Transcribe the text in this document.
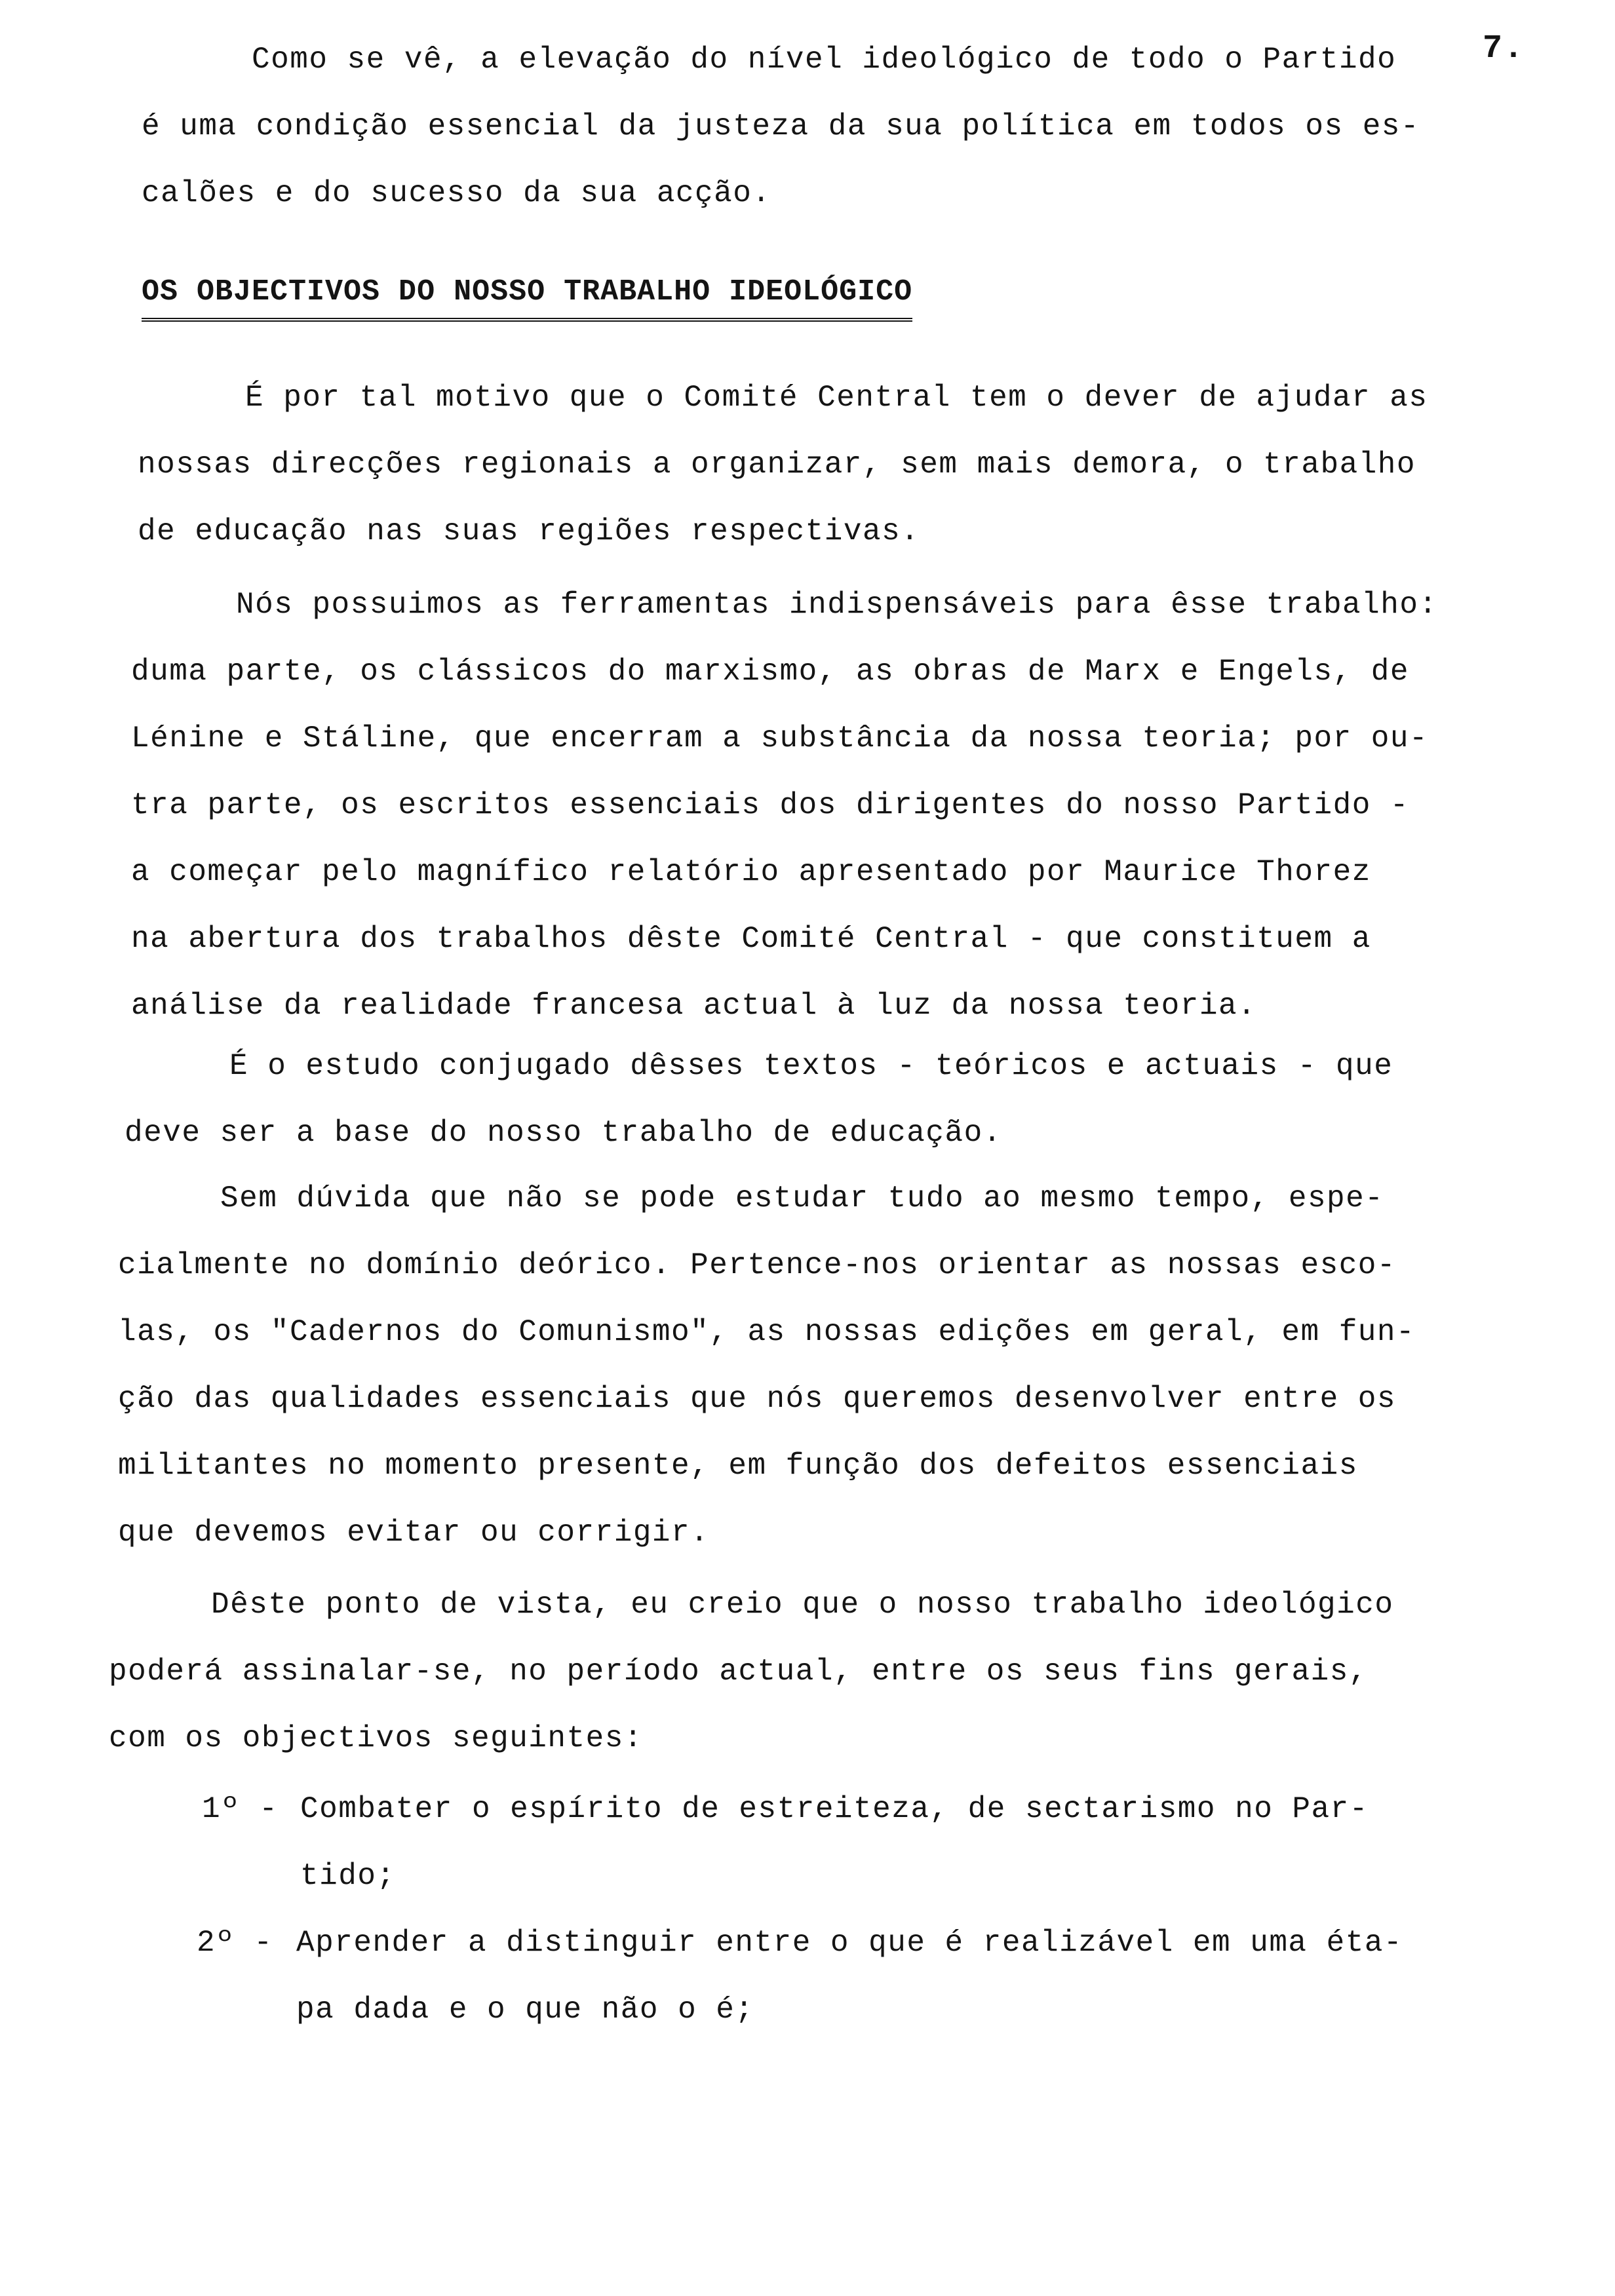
7.

Como se vê, a elevação do nível ideológico de todo o Partido
é uma condição essencial da justeza da sua política em todos os es-
calões e do sucesso da sua acção.

OS OBJECTIVOS DO NOSSO TRABALHO IDEOLÓGICO

É por tal motivo que o Comité Central tem o dever de ajudar as
nossas direcções regionais a organizar, sem mais demora, o trabalho
de educação nas suas regiões respectivas.

Nós possuimos as ferramentas indispensáveis para êsse trabalho:
duma parte, os clássicos do marxismo, as obras de Marx e Engels, de
Lénine e Stáline, que encerram a substância da nossa teoria; por ou-
tra parte, os escritos essenciais dos dirigentes do nosso Partido -
a começar pelo magnífico relatório apresentado por Maurice Thorez
na abertura dos trabalhos dêste Comité Central - que constituem a
análise da realidade francesa actual à luz da nossa teoria.

É o estudo conjugado dêsses textos - teóricos e actuais - que
deve ser a base do nosso trabalho de educação.

Sem dúvida que não se pode estudar tudo ao mesmo tempo, espe-
cialmente no domínio deórico. Pertence-nos orientar as nossas esco-
las, os "Cadernos do Comunismo", as nossas edições em geral, em fun-
ção das qualidades essenciais que nós queremos desenvolver entre os
militantes no momento presente, em função dos defeitos essenciais
que devemos evitar ou corrigir.

Dêste ponto de vista, eu creio que o nosso trabalho ideológico
poderá assinalar-se, no período actual, entre os seus fins gerais,
com os objectivos seguintes:

1º - Combater o espírito de estreiteza, de sectarismo no Par-
tido;
2º - Aprender a distinguir entre o que é realizável em uma éta-
pa dada e o que não o é;
